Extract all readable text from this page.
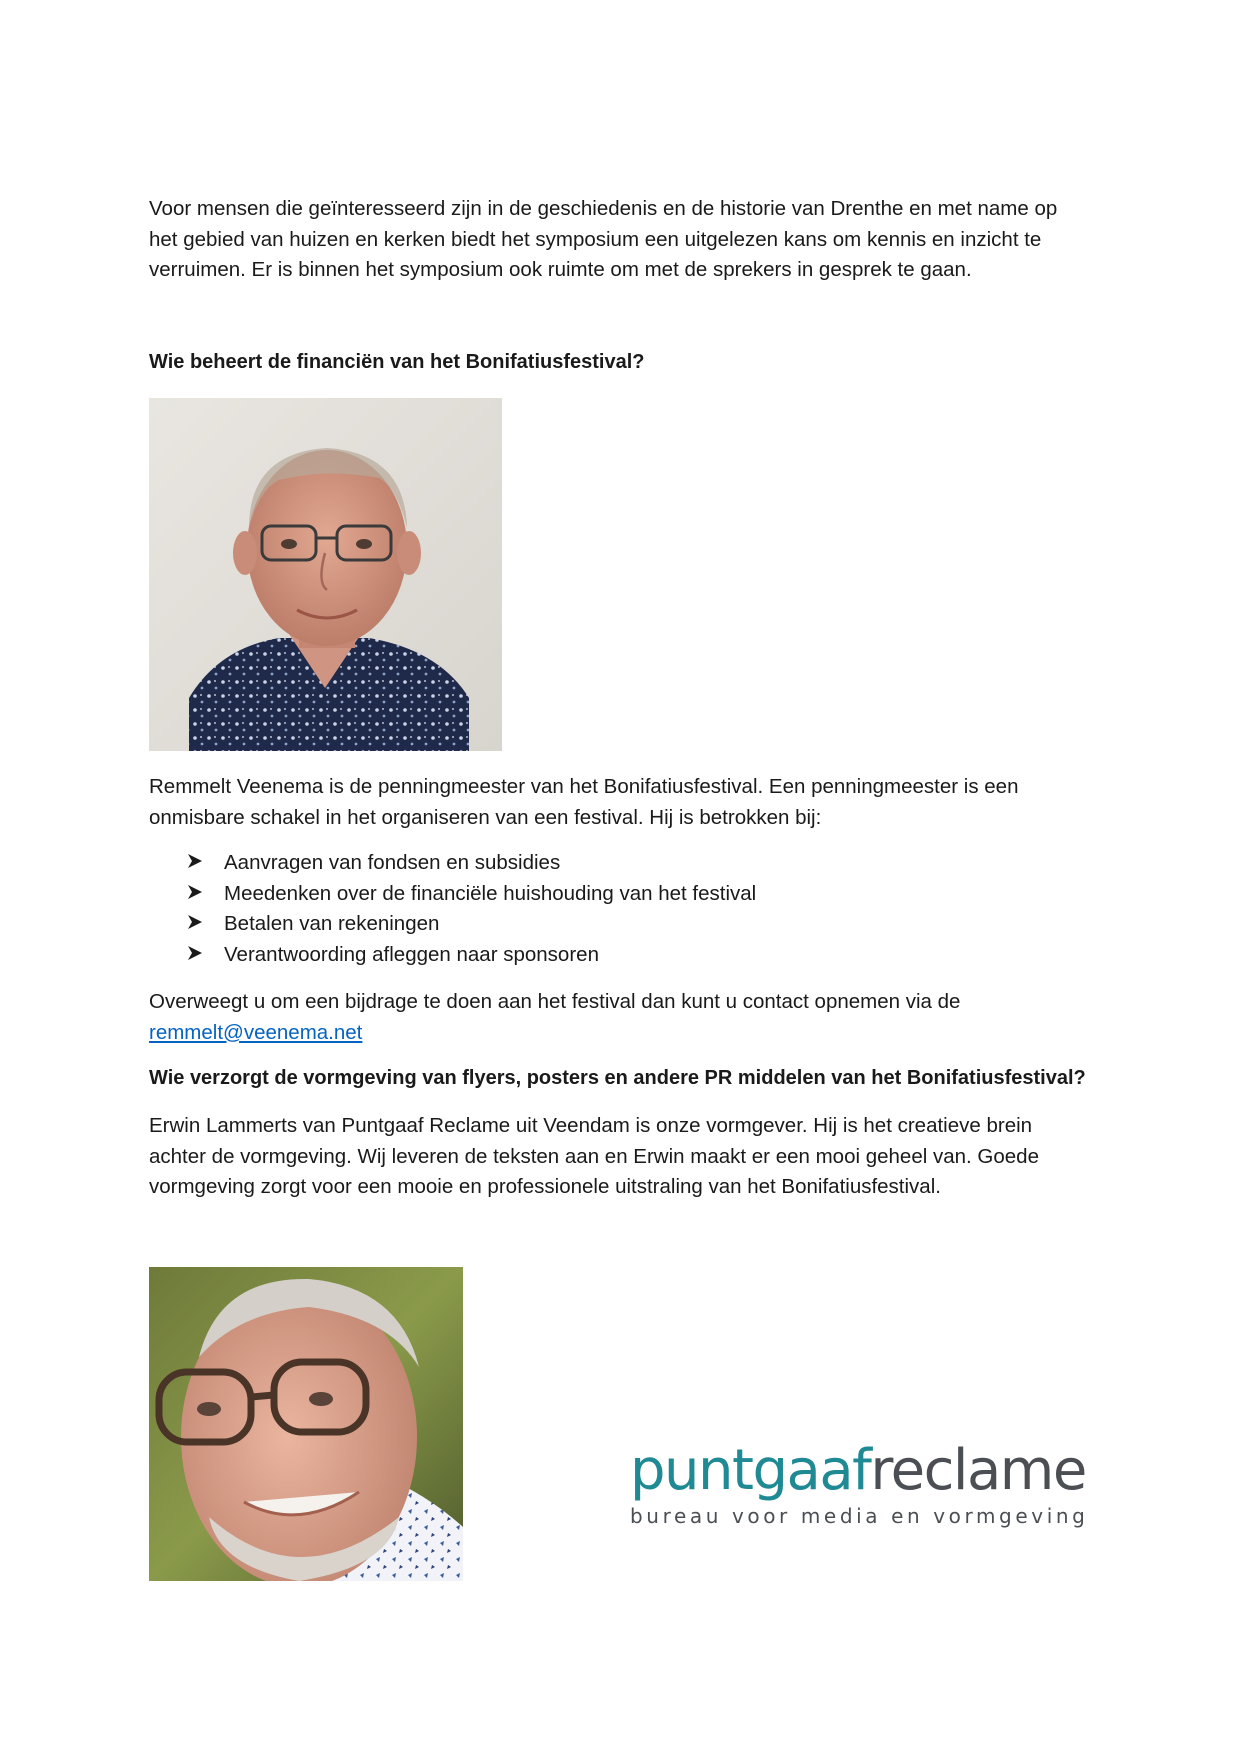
Voor mensen die geïnteresseerd zijn in de geschiedenis en de historie van Drenthe en met name op
het gebied van huizen en kerken biedt het symposium een uitgelezen kans om kennis en inzicht te
verruimen. Er is binnen het symposium ook ruimte om met de sprekers in gesprek te gaan.

Wie beheert de financiën van het Bonifatiusfestival?

Remmelt Veenema is de penningmeester van het Bonifatiusfestival. Een penningmeester is een
onmisbare schakel in het organiseren van een festival. Hij is betrokken bij:

Aanvragen van fondsen en subsidies
Meedenken over de financiële huishouding van het festival
Betalen van rekeningen
Verantwoording afleggen naar sponsoren

Overweegt u om een bijdrage te doen aan het festival dan kunt u contact opnemen via de
remmelt@veenema.net

Wie verzorgt de vormgeving van flyers, posters en andere PR middelen van het Bonifatiusfestival?

Erwin Lammerts van Puntgaaf Reclame uit Veendam is onze vormgever. Hij is het creatieve brein
achter de vormgeving. Wij leveren de teksten aan en Erwin maakt er een mooi geheel van. Goede
vormgeving zorgt voor een mooie en professionele uitstraling van het Bonifatiusfestival.

puntgaafreclame
bureau voor media en vormgeving
